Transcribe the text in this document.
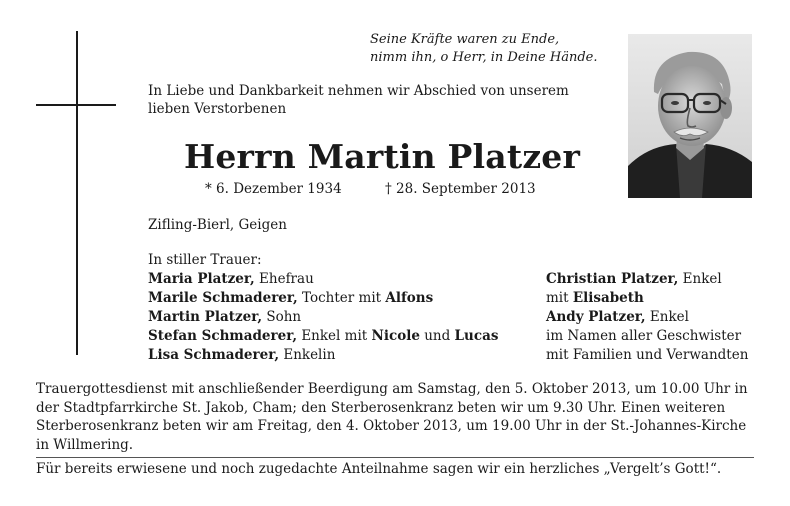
Seine Kräfte waren zu Ende,
nimm ihn, o Herr, in Deine Hände.
In Liebe und Dankbarkeit nehmen wir Abschied von unserem
lieben Verstorbenen
Herrn Martin Platzer
* 6. Dezember 1934	† 28. September 2013
Zifling-Bierl, Geigen
In stiller Trauer:
Maria Platzer, Ehefrau
Marile Schmaderer, Tochter mit Alfons
Martin Platzer, Sohn
Stefan Schmaderer, Enkel mit Nicole und Lucas
Lisa Schmaderer, Enkelin
Christian Platzer, Enkel
mit Elisabeth
Andy Platzer, Enkel
im Namen aller Geschwister
mit Familien und Verwandten
Trauergottesdienst mit anschließender Beerdigung am Samstag, den 5. Oktober 2013, um 10.00 Uhr in
der Stadtpfarrkirche St. Jakob, Cham; den Sterberosenkranz beten wir um 9.30 Uhr. Einen weiteren
Sterberosenkranz beten wir am Freitag, den 4. Oktober 2013, um 19.00 Uhr in der St.-Johannes-Kirche
in Willmering.
Für bereits erwiesene und noch zugedachte Anteilnahme sagen wir ein herzliches „Vergelt’s Gott!“.
